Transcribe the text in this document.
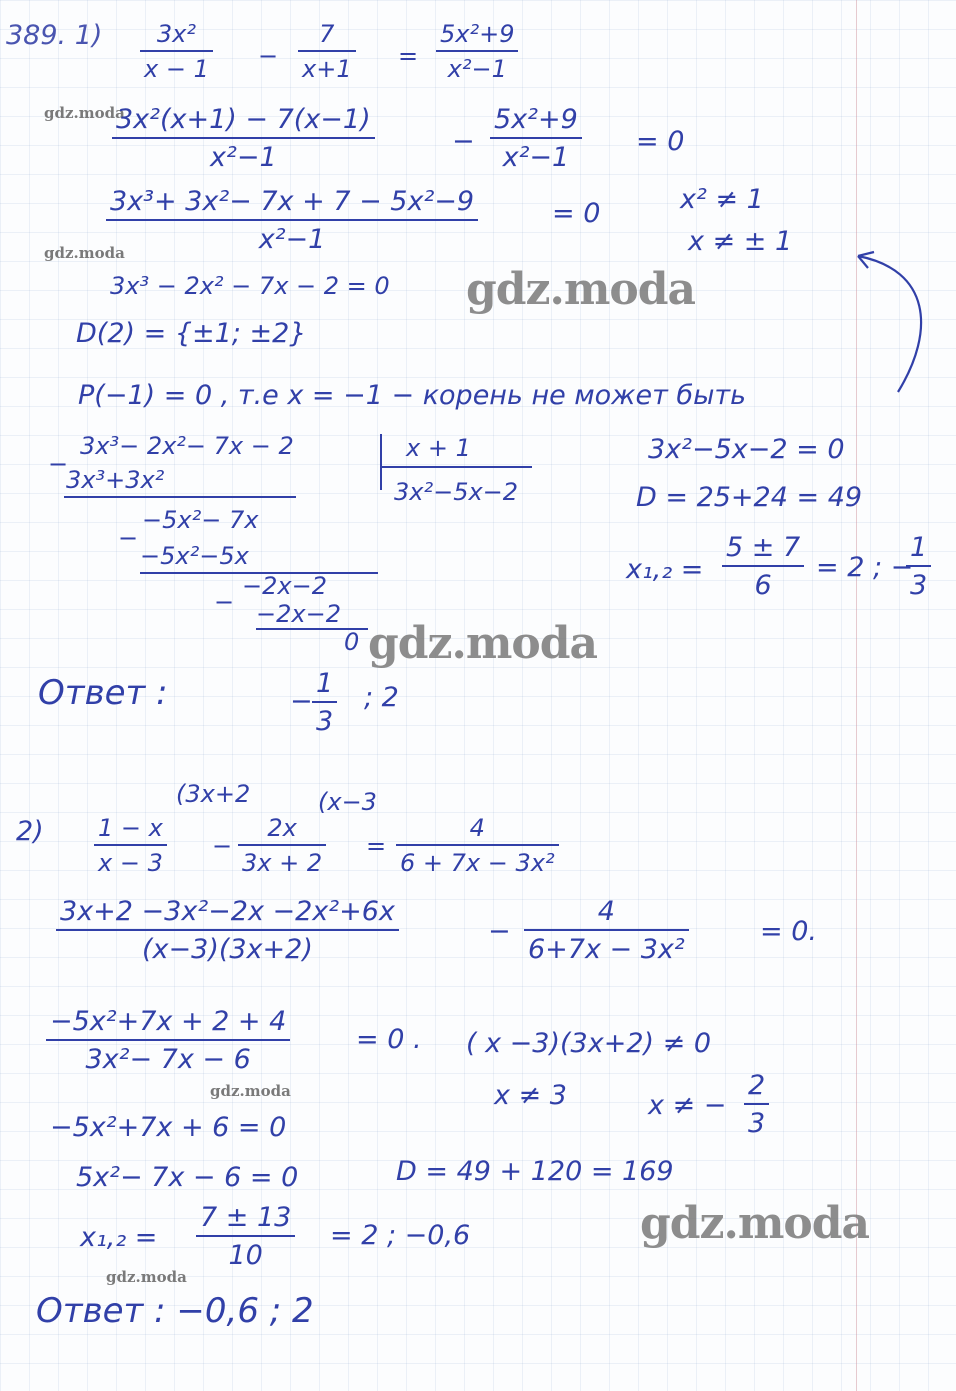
389. 1)	3x²
x − 1 −
7
x+1 =
5x²+9
x²−1
gdz.moda
3x²(x+1) − 7(x−1)
x²−1
−
5x²+9
x²−1
= 0
3x³+ 3x²− 7x + 7 − 5x²−9
x²−1
= 0	x² ≠ 1
x ≠ ± 1
gdz.moda
3x³ − 2x² − 7x − 2 = 0 gdz.moda
D(2) = {±1; ±2}
P(−1) = 0 , т.е x = −1 − корень не может быть
−
3x³− 2x²− 7x − 2
3x³+3x²
x + 1
3x²−5x−2
−5x²− 7x
−
−5x²−5x
−2x−2
− −2x−2
0 gdz.moda
3x²−5x−2 = 0
D = 25+24 = 49
x₁,₂ =
5 ± 7
6
= 2 ; −
1
3
Ответ :	−
1
3
; 2
2)
(3x+2	(x−3
1 − x
x − 3
−
2x
3x + 2
=
4
6 + 7x − 3x²
3x+2 −3x²−2x −2x²+6x
(x−3)(3x+2)
−
4
6+7x − 3x²
= 0.
−5x²+7x + 2 + 4
3x²− 7x − 6
= 0 . ( x −3)(3x+2) ≠ 0
x ≠ 3	x ≠ −
2
3
gdz.moda
−5x²+7x + 6 = 0
5x²− 7x − 6 = 0	D = 49 + 120 = 169
x₁,₂ =
7 ± 13
10
= 2 ; −0,6	gdz.moda
gdz.moda
Ответ : −0,6 ; 2
